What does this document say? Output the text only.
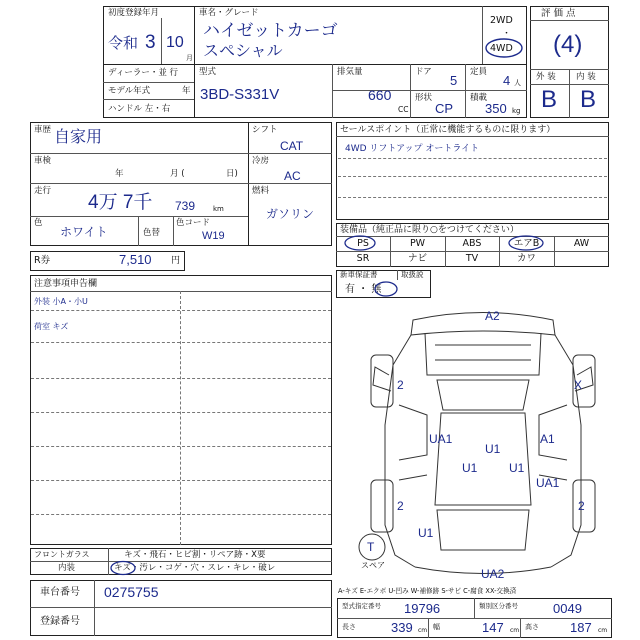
初度登録年月
令和 3 10
月
車名・グレード
ハイゼットカーゴ
スペシャル
2WD
・
4WD
ディーラー・並 行
モデル年式	年
ハンドル 左・右
型式
3BD-S331V
排気量
660
CC
ドア
5
形状
CP
定員
4 人
積載
350 kg
評 価 点
(4)
外 装 内 装
B B
車歴 自家用
車検
年	月 (	日)
走行
4万 7千 739	km
色
ホワイト	色替
色コード
W19
シフト
CAT
冷房
AC
燃料
ガソリン
R券	7,510 円
セールスポイント（正常に機能するものに限ります）
4WD リフトアップ オートライト
装備品（純正品に限り○をつけてください）
PS	PW	ABS	エアB	AW
SR	ナビ	TV	カワ
新車保証書	取扱説
有 ・ 無
注意事項申告欄
外装 小A・小U
荷室 キズ
A2
2	X
UA1
U1
A1
U1	U1
UA1
2	2
U1
T
UA2
スペア
フロントガラス	キズ・飛石・ヒビ割・リペア跡・X要
内装	キズ・汚レ・コゲ・穴・スレ・キレ・破レ
車台番号 0275755
登録番号
A-キズ E-エクボ U-凹み W-補修跡 S-サビ C-腐食 XX-交換済
型式指定番号 19796	類別区分番号	0049
長さ	339 cm 幅	147 cm 高さ 187 cm
